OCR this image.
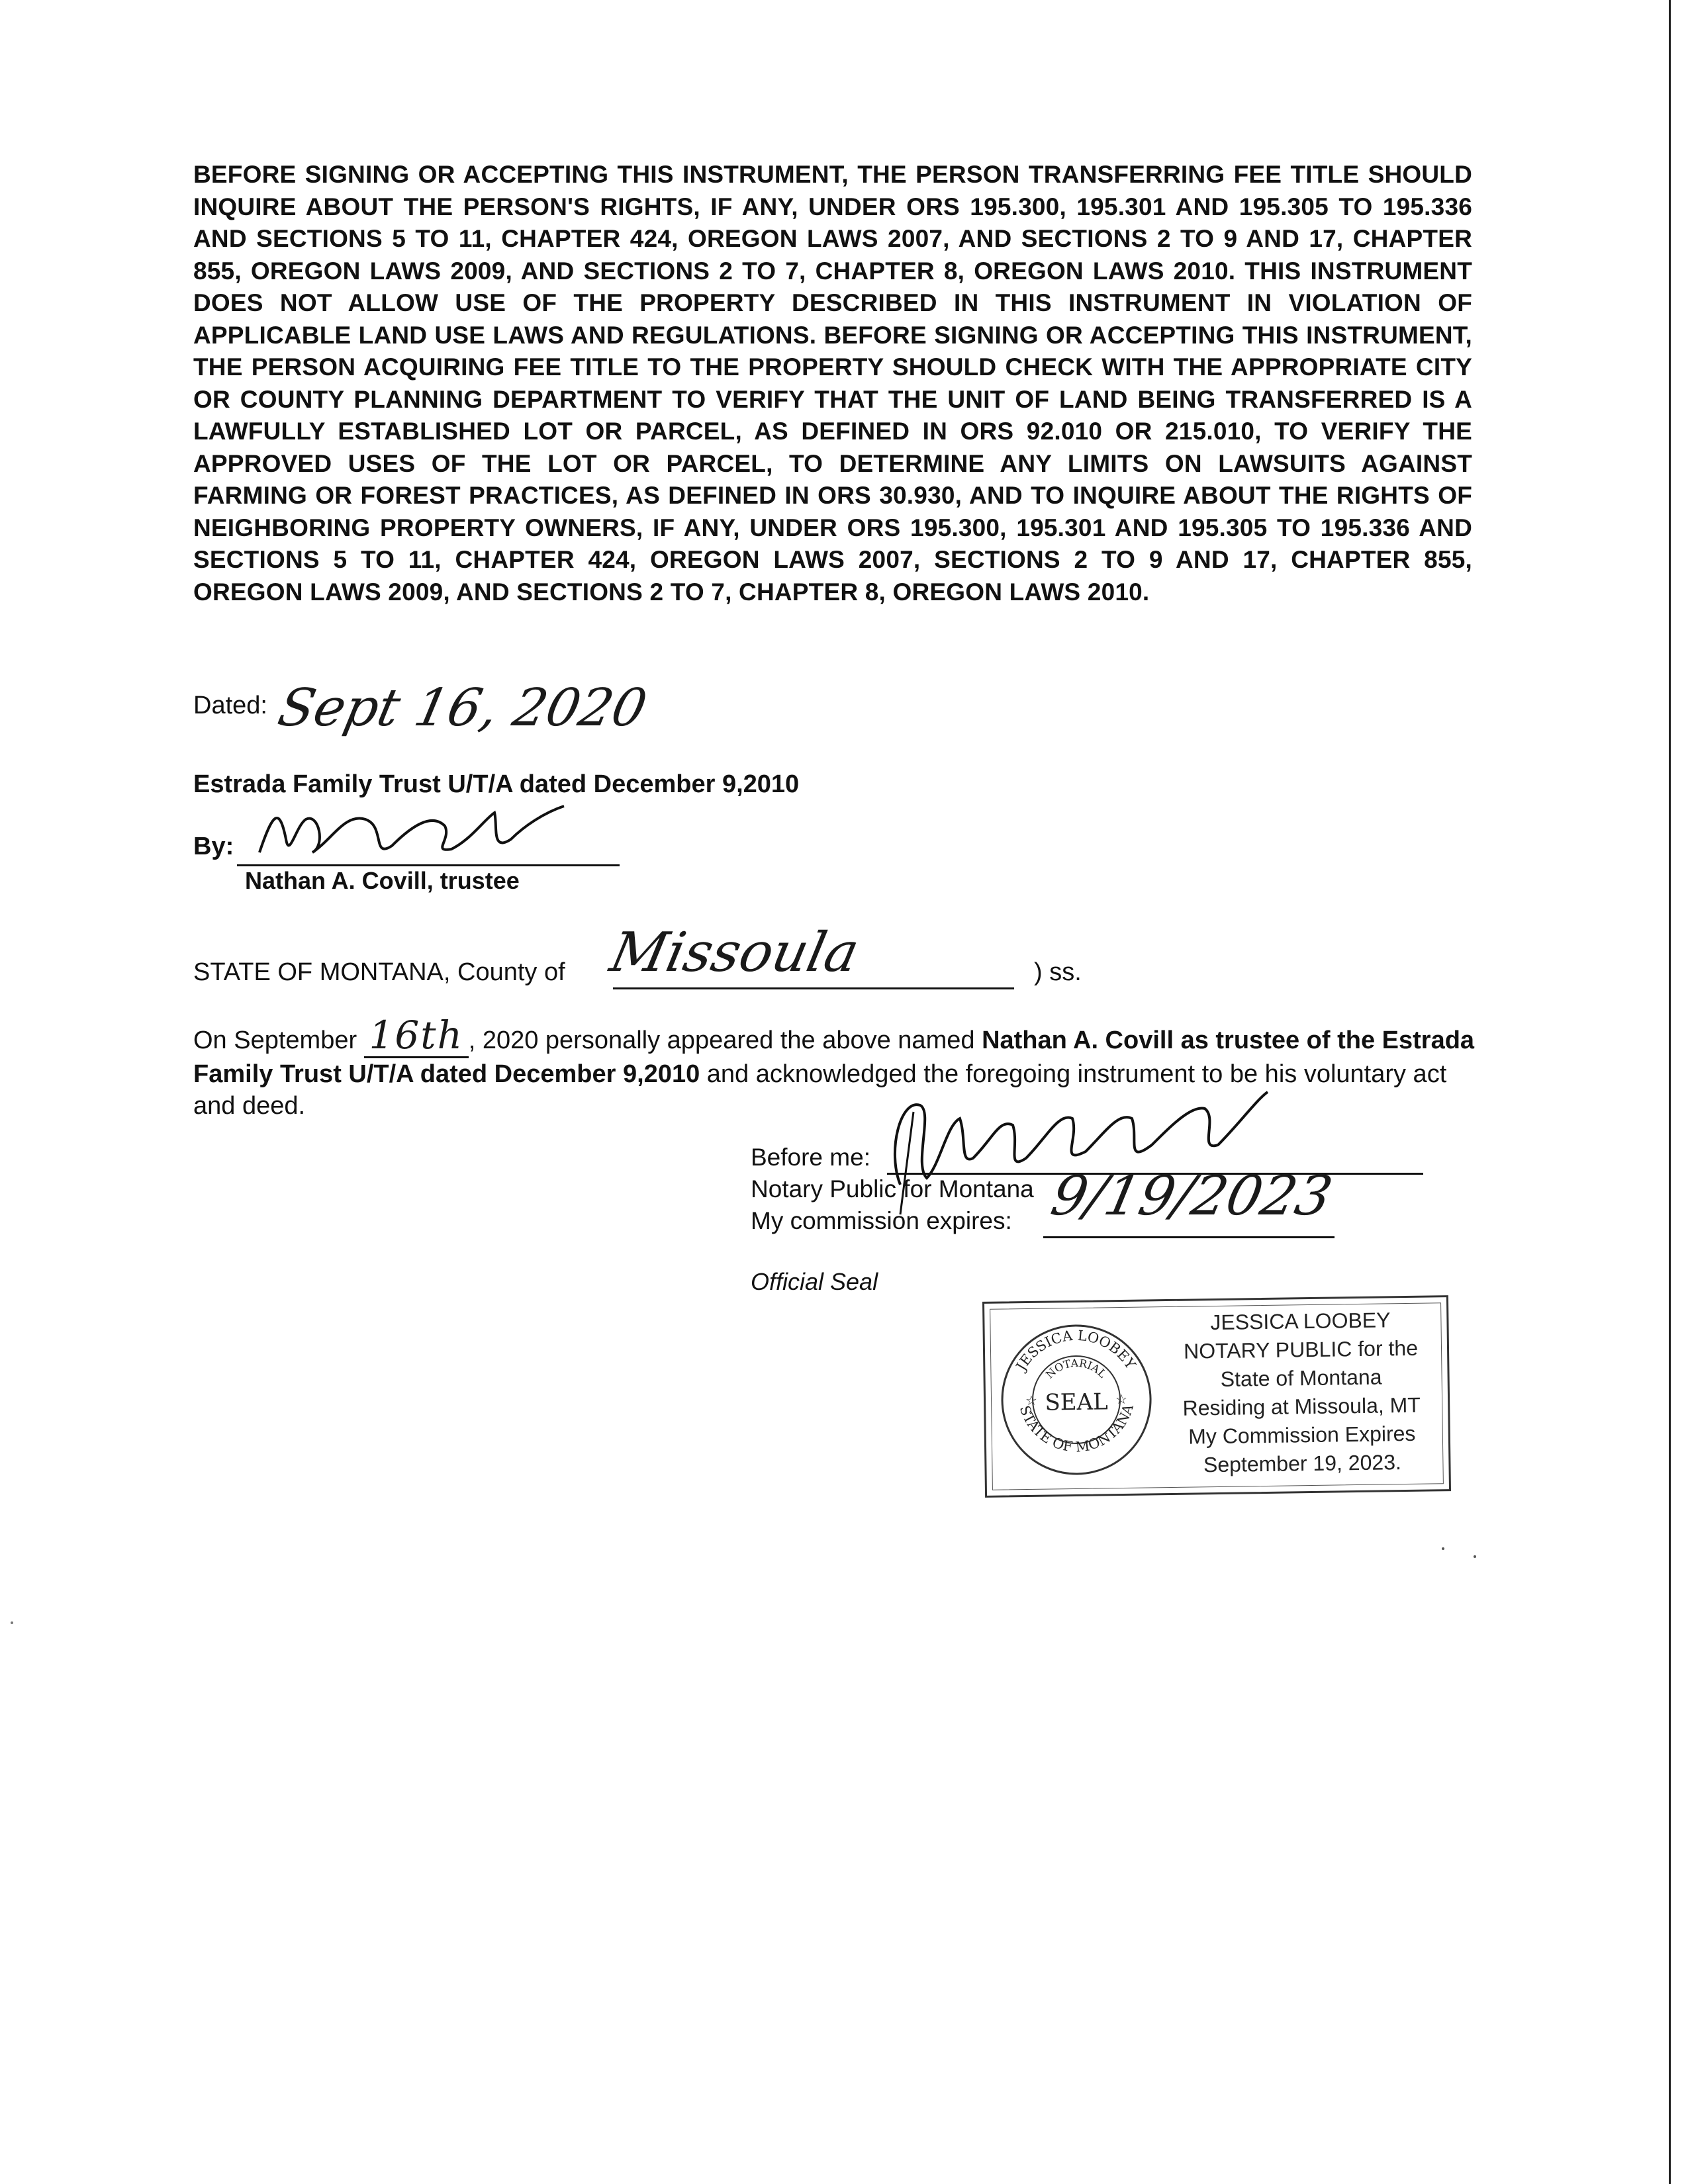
BEFORE SIGNING OR ACCEPTING THIS INSTRUMENT, THE PERSON TRANSFERRING FEE TITLE SHOULD INQUIRE ABOUT THE PERSON'S RIGHTS, IF ANY, UNDER ORS 195.300, 195.301 AND 195.305 TO 195.336 AND SECTIONS 5 TO 11, CHAPTER 424, OREGON LAWS 2007, AND SECTIONS 2 TO 9 AND 17, CHAPTER 855, OREGON LAWS 2009, AND SECTIONS 2 TO 7, CHAPTER 8, OREGON LAWS 2010. THIS INSTRUMENT DOES NOT ALLOW USE OF THE PROPERTY DESCRIBED IN THIS INSTRUMENT IN VIOLATION OF APPLICABLE LAND USE LAWS AND REGULATIONS. BEFORE SIGNING OR ACCEPTING THIS INSTRUMENT, THE PERSON ACQUIRING FEE TITLE TO THE PROPERTY SHOULD CHECK WITH THE APPROPRIATE CITY OR COUNTY PLANNING DEPARTMENT TO VERIFY THAT THE UNIT OF LAND BEING TRANSFERRED IS A LAWFULLY ESTABLISHED LOT OR PARCEL, AS DEFINED IN ORS 92.010 OR 215.010, TO VERIFY THE APPROVED USES OF THE LOT OR PARCEL, TO DETERMINE ANY LIMITS ON LAWSUITS AGAINST FARMING OR FOREST PRACTICES, AS DEFINED IN ORS 30.930, AND TO INQUIRE ABOUT THE RIGHTS OF NEIGHBORING PROPERTY OWNERS, IF ANY, UNDER ORS 195.300, 195.301 AND 195.305 TO 195.336 AND SECTIONS 5 TO 11, CHAPTER 424, OREGON LAWS 2007, SECTIONS 2 TO 9 AND 17, CHAPTER 855, OREGON LAWS 2009, AND SECTIONS 2 TO 7, CHAPTER 8, OREGON LAWS 2010.
Dated: Sept 16, 2020
Estrada Family Trust U/T/A dated December 9,2010
By:
Nathan A. Covill, trustee
STATE OF MONTANA, County of Missoula	) ss.
On September 16th , 2020 personally appeared the above named Nathan A. Covill as trustee of the Estrada Family Trust U/T/A dated December 9,2010 and acknowledged the foregoing instrument to be his voluntary act and deed.
Before me:
Notary Public for Montana
My commission expires: 9/19/2023
Official Seal
JESSICA LOOBEY
STATE OF MONTANA
NOTARIAL
SEAL
☆	☆
JESSICA LOOBEY
NOTARY PUBLIC for the
State of Montana
Residing at Missoula, MT
My Commission Expires
September 19, 2023.
